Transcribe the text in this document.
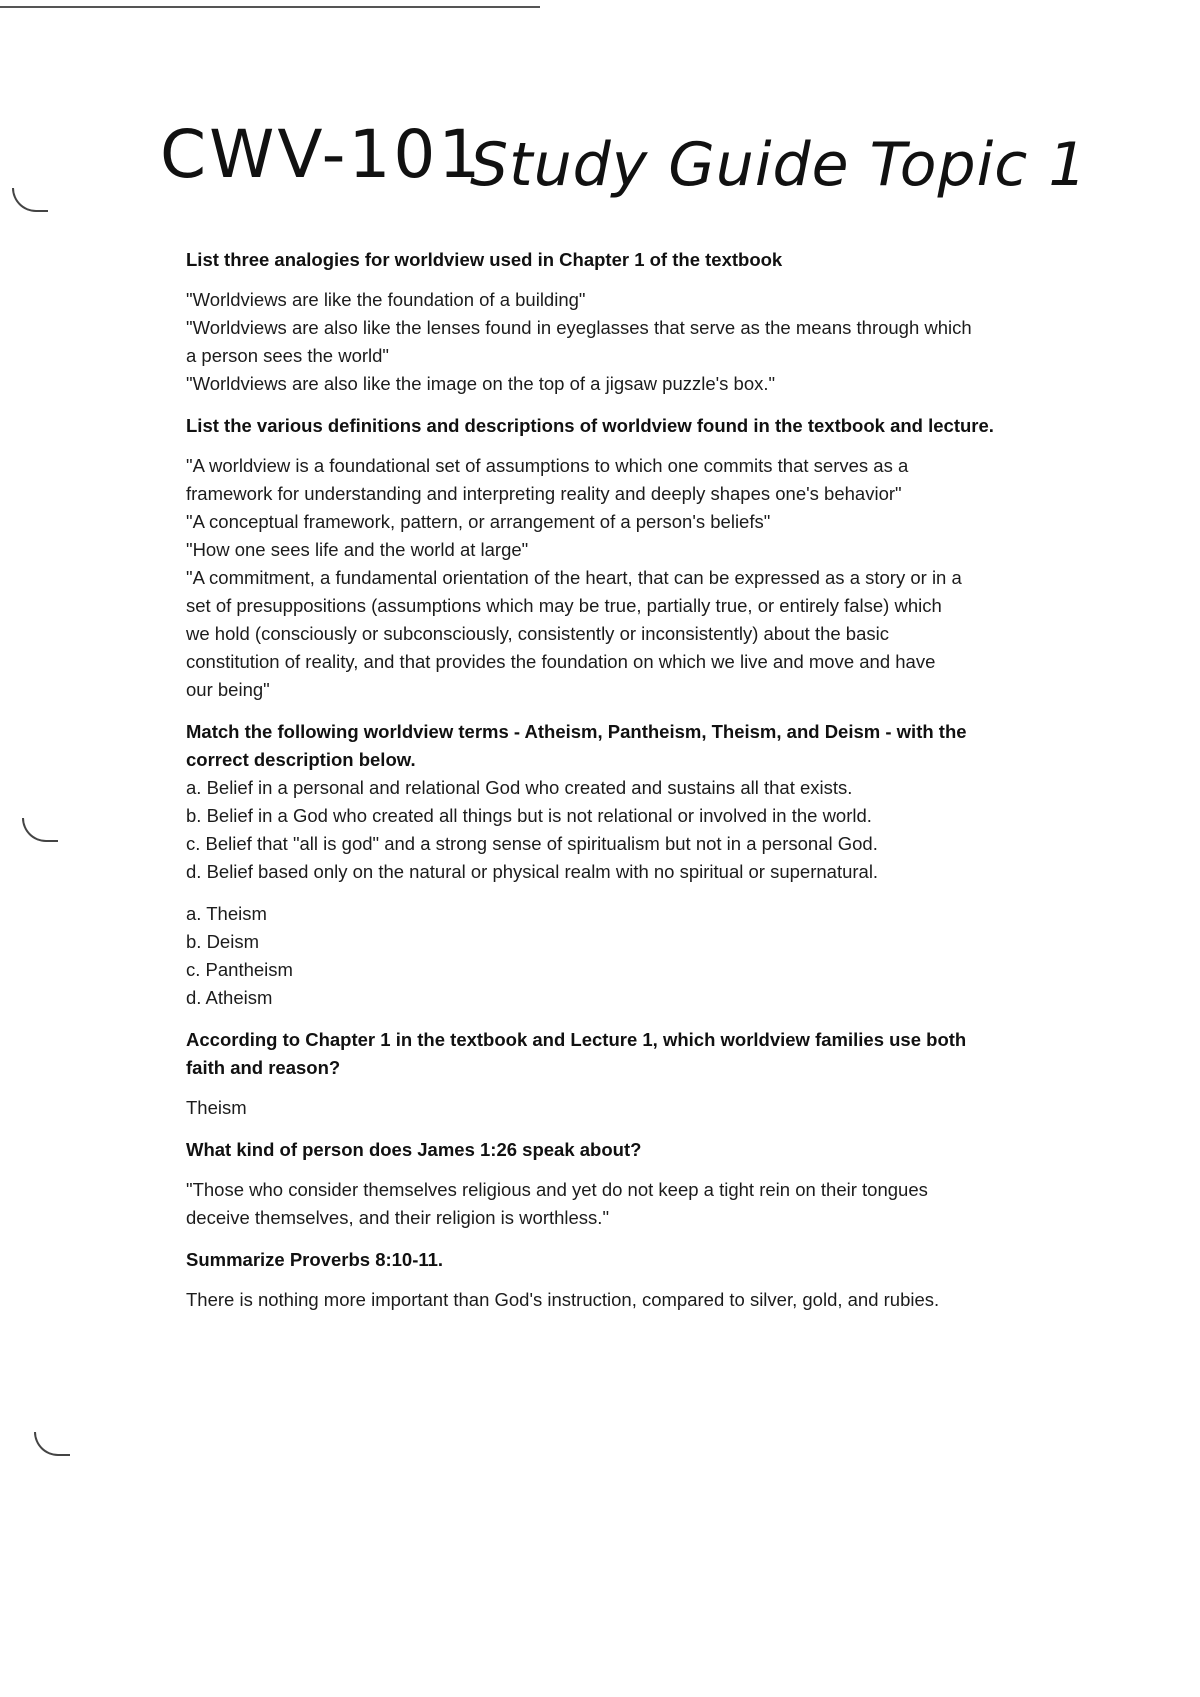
CWV-101
Study Guide Topic 1
List three analogies for worldview used in Chapter 1 of the textbook
"Worldviews are like the foundation of a building"
"Worldviews are also like the lenses found in eyeglasses that serve as the means through which
a person sees the world"
"Worldviews are also like the image on the top of a jigsaw puzzle's box."
List the various definitions and descriptions of worldview found in the textbook and lecture.
"A worldview is a foundational set of assumptions to which one commits that serves as a
framework for understanding and interpreting reality and deeply shapes one's behavior"
"A conceptual framework, pattern, or arrangement of a person's beliefs"
"How one sees life and the world at large"
"A commitment, a fundamental orientation of the heart, that can be expressed as a story or in a
set of presuppositions (assumptions which may be true, partially true, or entirely false) which
we hold (consciously or subconsciously, consistently or inconsistently) about the basic
constitution of reality, and that provides the foundation on which we live and move and have
our being"
Match the following worldview terms - Atheism, Pantheism, Theism, and Deism - with the
correct description below.
a. Belief in a personal and relational God who created and sustains all that exists.
b. Belief in a God who created all things but is not relational or involved in the world.
c. Belief that "all is god" and a strong sense of spiritualism but not in a personal God.
d. Belief based only on the natural or physical realm with no spiritual or supernatural.
a. Theism
b. Deism
c. Pantheism
d. Atheism
According to Chapter 1 in the textbook and Lecture 1, which worldview families use both
faith and reason?
Theism
What kind of person does James 1:26 speak about?
"Those who consider themselves religious and yet do not keep a tight rein on their tongues
deceive themselves, and their religion is worthless."
Summarize Proverbs 8:10-11.
There is nothing more important than God's instruction, compared to silver, gold, and rubies.
